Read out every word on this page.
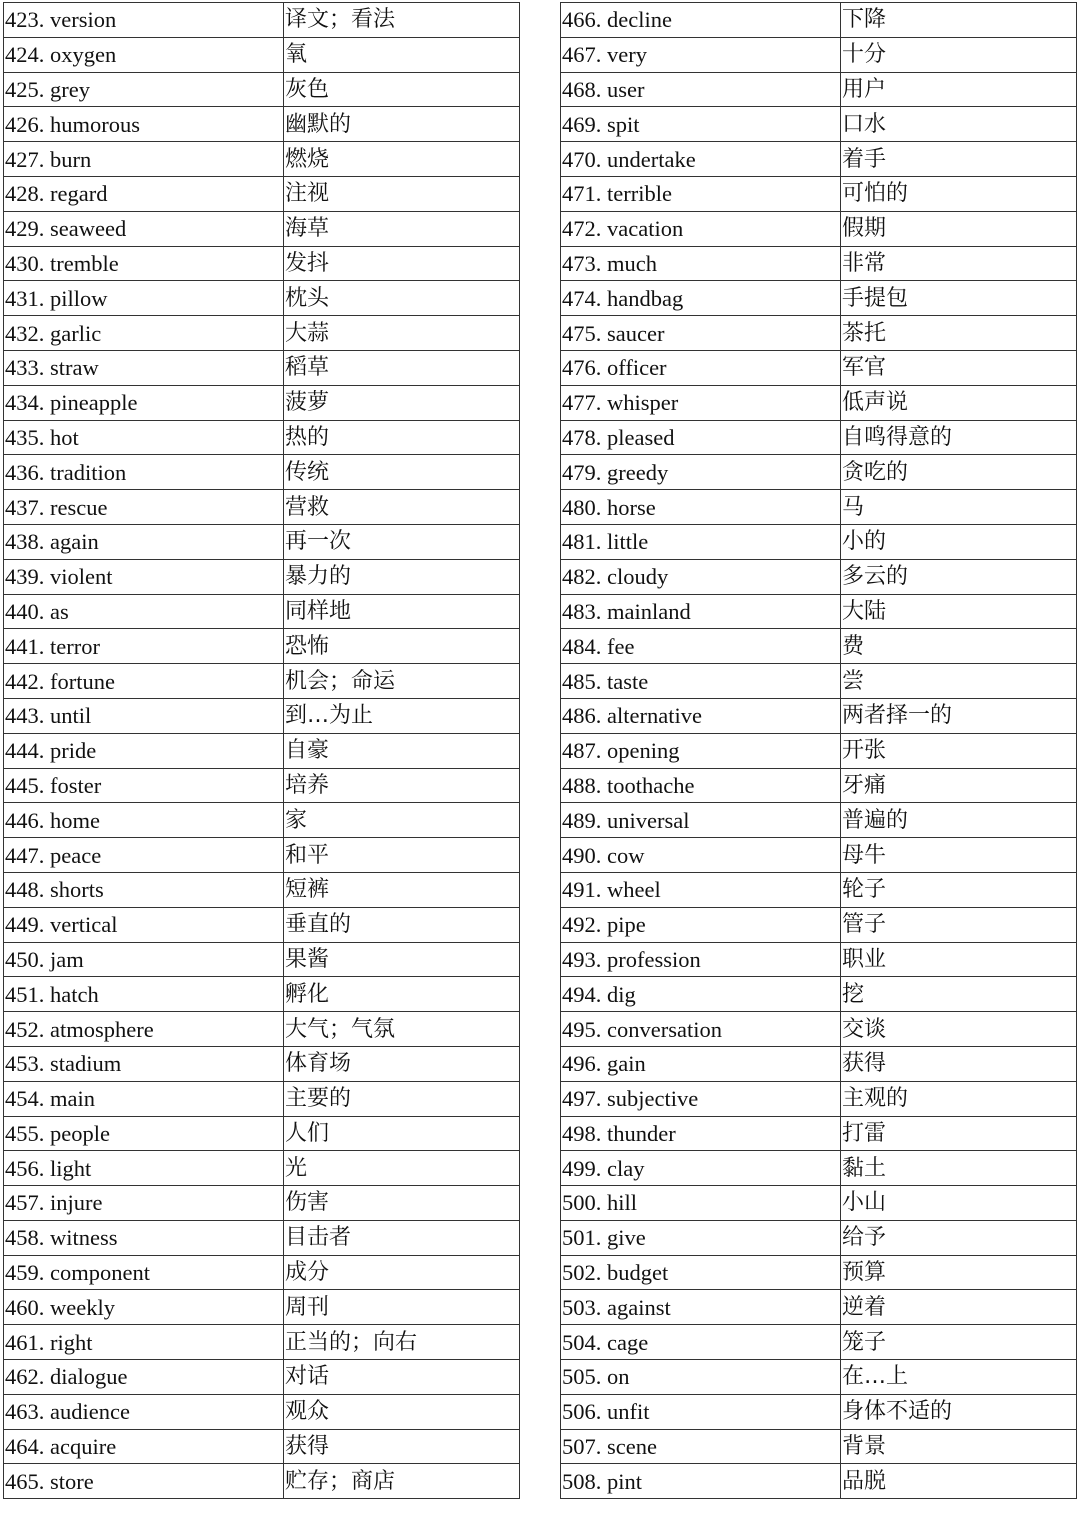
423. version	译文；看法
424. oxygen	氧
425. grey	灰色
426. humorous	幽默的
427. burn	燃烧
428. regard	注视
429. seaweed	海草
430. tremble	发抖
431. pillow	枕头
432. garlic	大蒜
433. straw	稻草
434. pineapple	菠萝
435. hot	热的
436. tradition	传统
437. rescue	营救
438. again	再一次
439. violent	暴力的
440. as	同样地
441. terror	恐怖
442. fortune	机会；命运
443. until	到…为止
444. pride	自豪
445. foster	培养
446. home	家
447. peace	和平
448. shorts	短裤
449. vertical	垂直的
450. jam	果酱
451. hatch	孵化
452. atmosphere	大气；气氛
453. stadium	体育场
454. main	主要的
455. people	人们
456. light	光
457. injure	伤害
458. witness	目击者
459. component	成分
460. weekly	周刊
461. right	正当的；向右
462. dialogue	对话
463. audience	观众
464. acquire	获得
465. store	贮存；商店
466. decline	下降
467. very	十分
468. user	用户
469. spit	口水
470. undertake	着手
471. terrible	可怕的
472. vacation	假期
473. much	非常
474. handbag	手提包
475. saucer	茶托
476. officer	军官
477. whisper	低声说
478. pleased	自鸣得意的
479. greedy	贪吃的
480. horse	马
481. little	小的
482. cloudy	多云的
483. mainland	大陆
484. fee	费
485. taste	尝
486. alternative	两者择一的
487. opening	开张
488. toothache	牙痛
489. universal	普遍的
490. cow	母牛
491. wheel	轮子
492. pipe	管子
493. profession	职业
494. dig	挖
495. conversation	交谈
496. gain	获得
497. subjective	主观的
498. thunder	打雷
499. clay	黏土
500. hill	小山
501. give	给予
502. budget	预算
503. against	逆着
504. cage	笼子
505. on	在…上
506. unfit	身体不适的
507. scene	背景
508. pint	品脱
